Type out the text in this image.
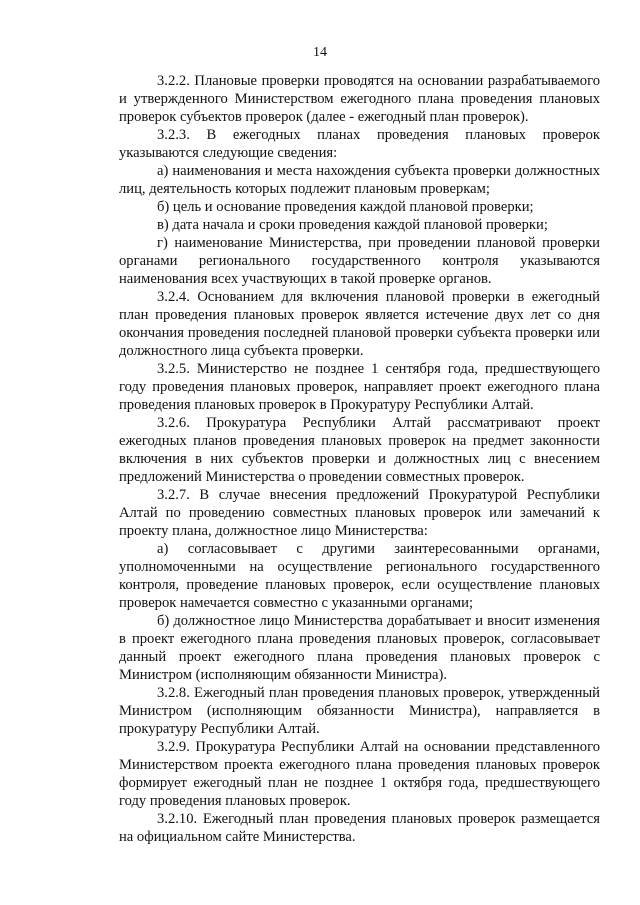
14

3.2.2. Плановые проверки проводятся на основании разрабатываемого и утвержденного Министерством ежегодного плана проведения плановых проверок субъектов проверок (далее - ежегодный план проверок).

3.2.3. В ежегодных планах проведения плановых проверок указываются следующие сведения:

а) наименования и места нахождения субъекта проверки должностных лиц, деятельность которых подлежит плановым проверкам;

б) цель и основание проведения каждой плановой проверки;

в) дата начала и сроки проведения каждой плановой проверки;

г) наименование Министерства, при проведении плановой проверки органами регионального государственного контроля указываются наименования всех участвующих в такой проверке органов.

3.2.4. Основанием для включения плановой проверки в ежегодный план проведения плановых проверок является истечение двух лет со дня окончания проведения последней плановой проверки субъекта проверки или должностного лица субъекта проверки.

3.2.5. Министерство не позднее 1 сентября года, предшествующего году проведения плановых проверок, направляет проект ежегодного плана проведения плановых проверок в Прокуратуру Республики Алтай.

3.2.6. Прокуратура Республики Алтай рассматривают проект ежегодных планов проведения плановых проверок на предмет законности включения в них субъектов проверки и должностных лиц с внесением предложений Министерства о проведении совместных проверок.

3.2.7. В случае внесения предложений Прокуратурой Республики Алтай по проведению совместных плановых проверок или замечаний к проекту плана, должностное лицо Министерства:

а) согласовывает с другими заинтересованными органами, уполномоченными на осуществление регионального государственного контроля, проведение плановых проверок, если осуществление плановых проверок намечается совместно с указанными органами;

б) должностное лицо Министерства дорабатывает и вносит изменения в проект ежегодного плана проведения плановых проверок, согласовывает данный проект ежегодного плана проведения плановых проверок с Министром (исполняющим обязанности Министра).

3.2.8. Ежегодный план проведения плановых проверок, утвержденный Министром (исполняющим обязанности Министра), направляется в прокуратуру Республики Алтай.

3.2.9. Прокуратура Республики Алтай на основании представленного Министерством проекта ежегодного плана проведения плановых проверок формирует ежегодный план не позднее 1 октября года, предшествующего году проведения плановых проверок.

3.2.10. Ежегодный план проведения плановых проверок размещается на официальном сайте Министерства.
